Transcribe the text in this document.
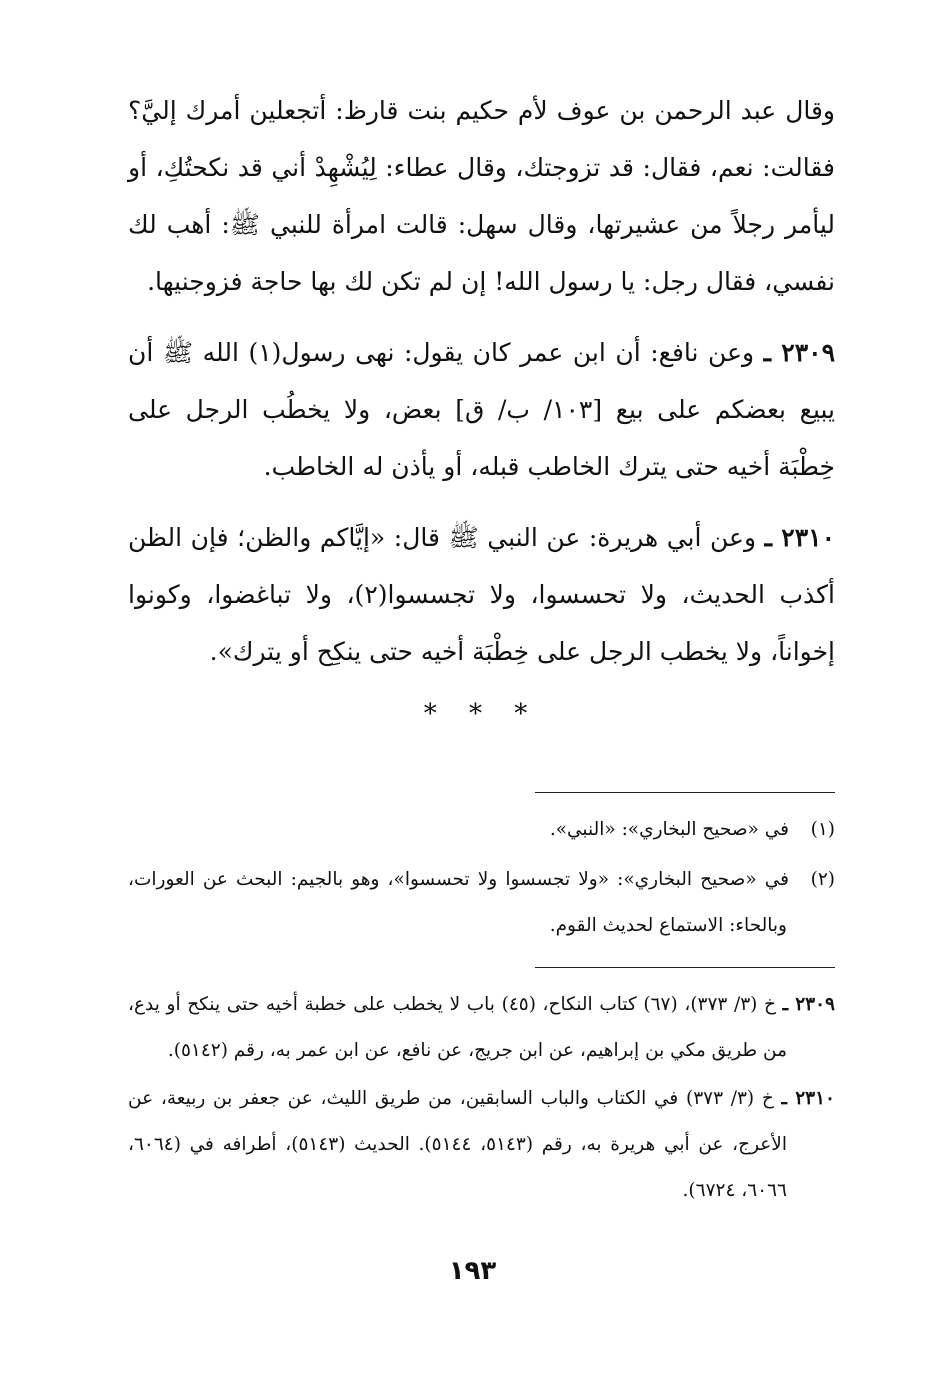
وقال عبد الرحمن بن عوف لأم حكيم بنت قارظ: أتجعلين أمرك إليَّ؟ فقالت: نعم، فقال: قد تزوجتك، وقال عطاء: لِيُشْهِدْ أني قد نكحتُكِ، أو ليأمر رجلاً من عشيرتها، وقال سهل: قالت امرأة للنبي ﷺ: أهب لك نفسي، فقال رجل: يا رسول الله! إن لم تكن لك بها حاجة فزوجنيها.

٢٣٠٩ ـ وعن نافع: أن ابن عمر كان يقول: نهى رسول(١) الله ﷺ أن يبيع بعضكم على بيع [١٠٣/ ب/ ق] بعض، ولا يخطُب الرجل على خِطْبَة أخيه حتى يترك الخاطب قبله، أو يأذن له الخاطب.

٢٣١٠ ـ وعن أبي هريرة: عن النبي ﷺ قال: «إيَّاكم والظن؛ فإن الظن أكذب الحديث، ولا تحسسوا، ولا تجسسوا(٢)، ولا تباغضوا، وكونوا إخواناً، ولا يخطب الرجل على خِطْبَة أخيه حتى ينكِح أو يترك».

* * *

(١)في «صحيح البخاري»: «النبي».

(٢)في «صحيح البخاري»: «ولا تجسسوا ولا تحسسوا»، وهو بالجيم: البحث عن العورات، وبالحاء: الاستماع لحديث القوم.

٢٣٠٩ ـ خ (٣/ ٣٧٣)، (٦٧) كتاب النكاح، (٤٥) باب لا يخطب على خطبة أخيه حتى ينكح أو يدع، من طريق مكي بن إبراهيم، عن ابن جريج، عن نافع، عن ابن عمر به، رقم (٥١٤٢).

٢٣١٠ ـ خ (٣/ ٣٧٣) في الكتاب والباب السابقين، من طريق الليث، عن جعفر بن ربيعة، عن الأعرج، عن أبي هريرة به، رقم (٥١٤٣، ٥١٤٤). الحديث (٥١٤٣)، أطرافه في (٦٠٦٤، ٦٠٦٦، ٦٧٢٤).

١٩٣
